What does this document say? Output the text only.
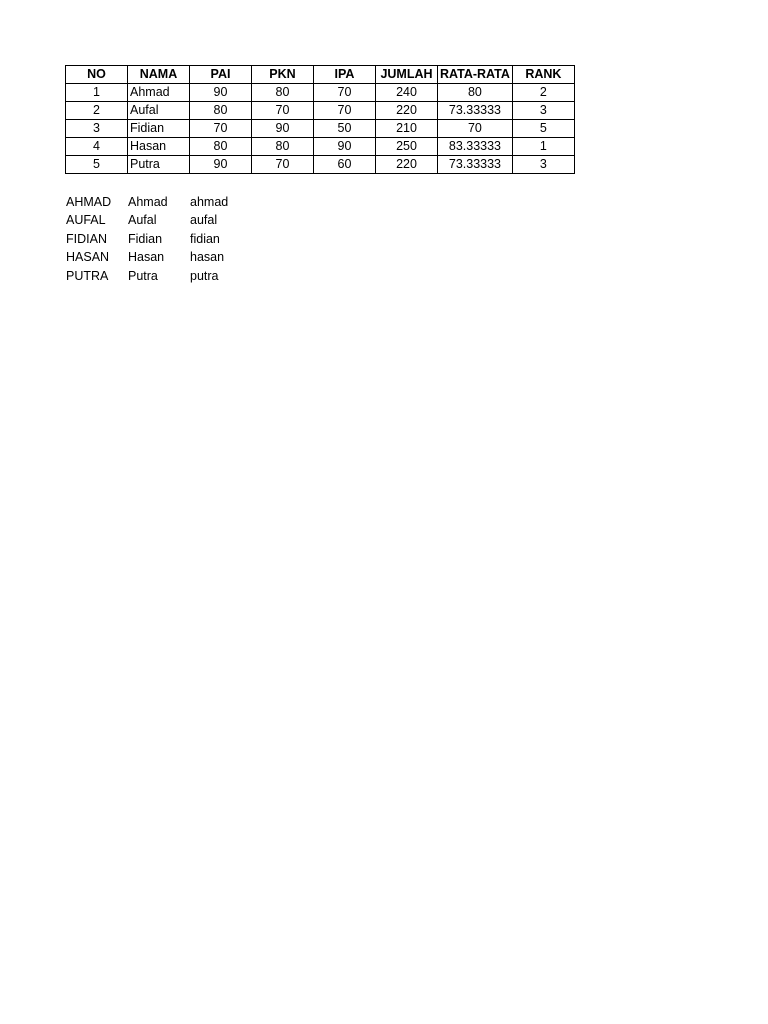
NO	NAMA	PAI	PKN	IPA	JUMLAH	RATA-RATA	RANK
1	Ahmad	90	80	70	240	80	2
2	Aufal	80	70	70	220	73.33333	3
3	Fidian	70	90	50	210	70	5
4	Hasan	80	80	90	250	83.33333	1
5	Putra	90	70	60	220	73.33333	3
AHMAD	Ahmad	ahmad
AUFAL	Aufal	aufal
FIDIAN	Fidian	fidian
HASAN	Hasan	hasan
PUTRA	Putra	putra
